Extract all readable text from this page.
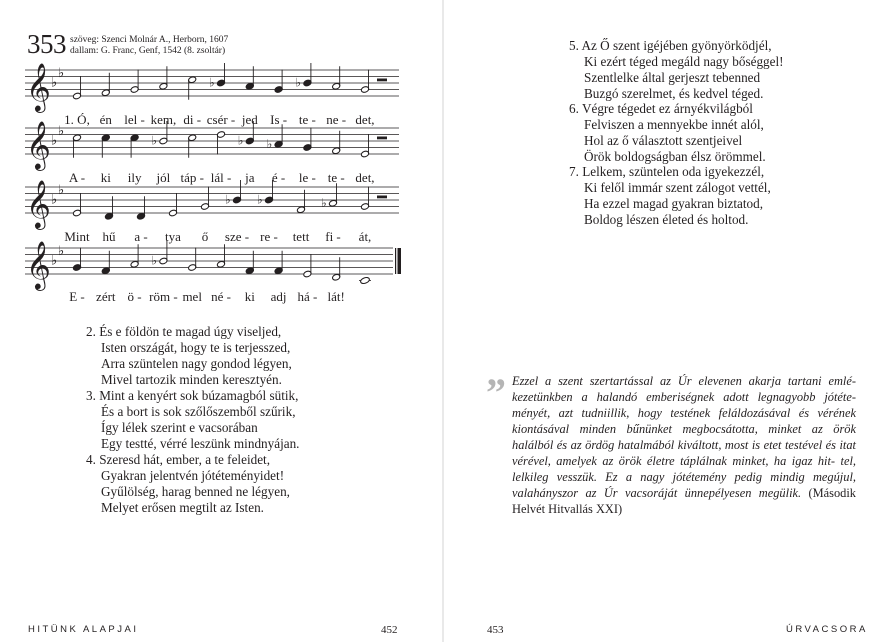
353 szöveg: Szenci Molnár A., Herborn, 1607
dallam: G. Franc, Genf, 1542 (8. zsoltár)
𝄞 ♭
♭
♭	♭
1. Ó, én lel - kem, di - csér - jed Is - te - ne - det,
𝄞 ♭
♭
♭	♭ ♭
A - ki ily jól táp - lál - ja é - le - te - det,
𝄞 ♭
♭
♭ ♭	♭
Mint hű a - tya ő sze - re - tett fi - át,
𝄞 ♭
♭
♭
E - zért ö - röm - mel né - ki adj há - lát!
2. És e földön te magad úgy viseljed,
Isten országát, hogy te is terjesszed,
Arra szüntelen nagy gondod légyen,
Mivel tartozik minden keresztyén.
3. Mint a kenyért sok búzamagból sütik,
És a bort is sok szőlőszemből szűrik,
Így lélek szerint e vacsorában
Egy testté, vérré leszünk mindnyájan.
4. Szeresd hát, ember, a te feleidet,
Gyakran jelentvén jótéteményidet!
Gyűlölség, harag benned ne légyen,
Melyet erősen megtilt az Isten.
HITÜNK ALAPJAI	452
5. Az Ő szent igéjében gyönyörködjél,
Ki ezért téged megáld nagy bőséggel!
Szentlelke által gerjeszt tebenned
Buzgó szerelmet, és kedvel téged.
6. Végre tégedet ez árnyékvilágból
Felviszen a mennyekbe innét alól,
Hol az ő választott szentjeivel
Örök boldogságban élsz örömmel.
7. Lelkem, szüntelen oda igyekezzél,
Ki felől immár szent zálogot vettél,
Ha ezzel magad gyakran biztatod,
Boldog lészen életed és holtod.
” Ezzel a szent szertartással az Úr elevenen akarja tartani emlé- kezetünkben a halandó emberiségnek adott legnagyobb jótéte- ményét, azt tudniillik, hogy testének feláldozásával és vérének kiontásával minden bűnünket megbocsátotta, minket az örök halálból és az ördög hatalmából kiváltott, most is etet testével és itat vérével, amelyek az örök életre táplálnak minket, ha igaz hit- tel, lelkileg vesszük. Ez a nagy jótétemény pedig mindig megújul, valahányszor az Úr vacsoráját ünnepélyesen megülik. (Második Helvét Hitvallás XXI)
453	ÚRVACSORA
